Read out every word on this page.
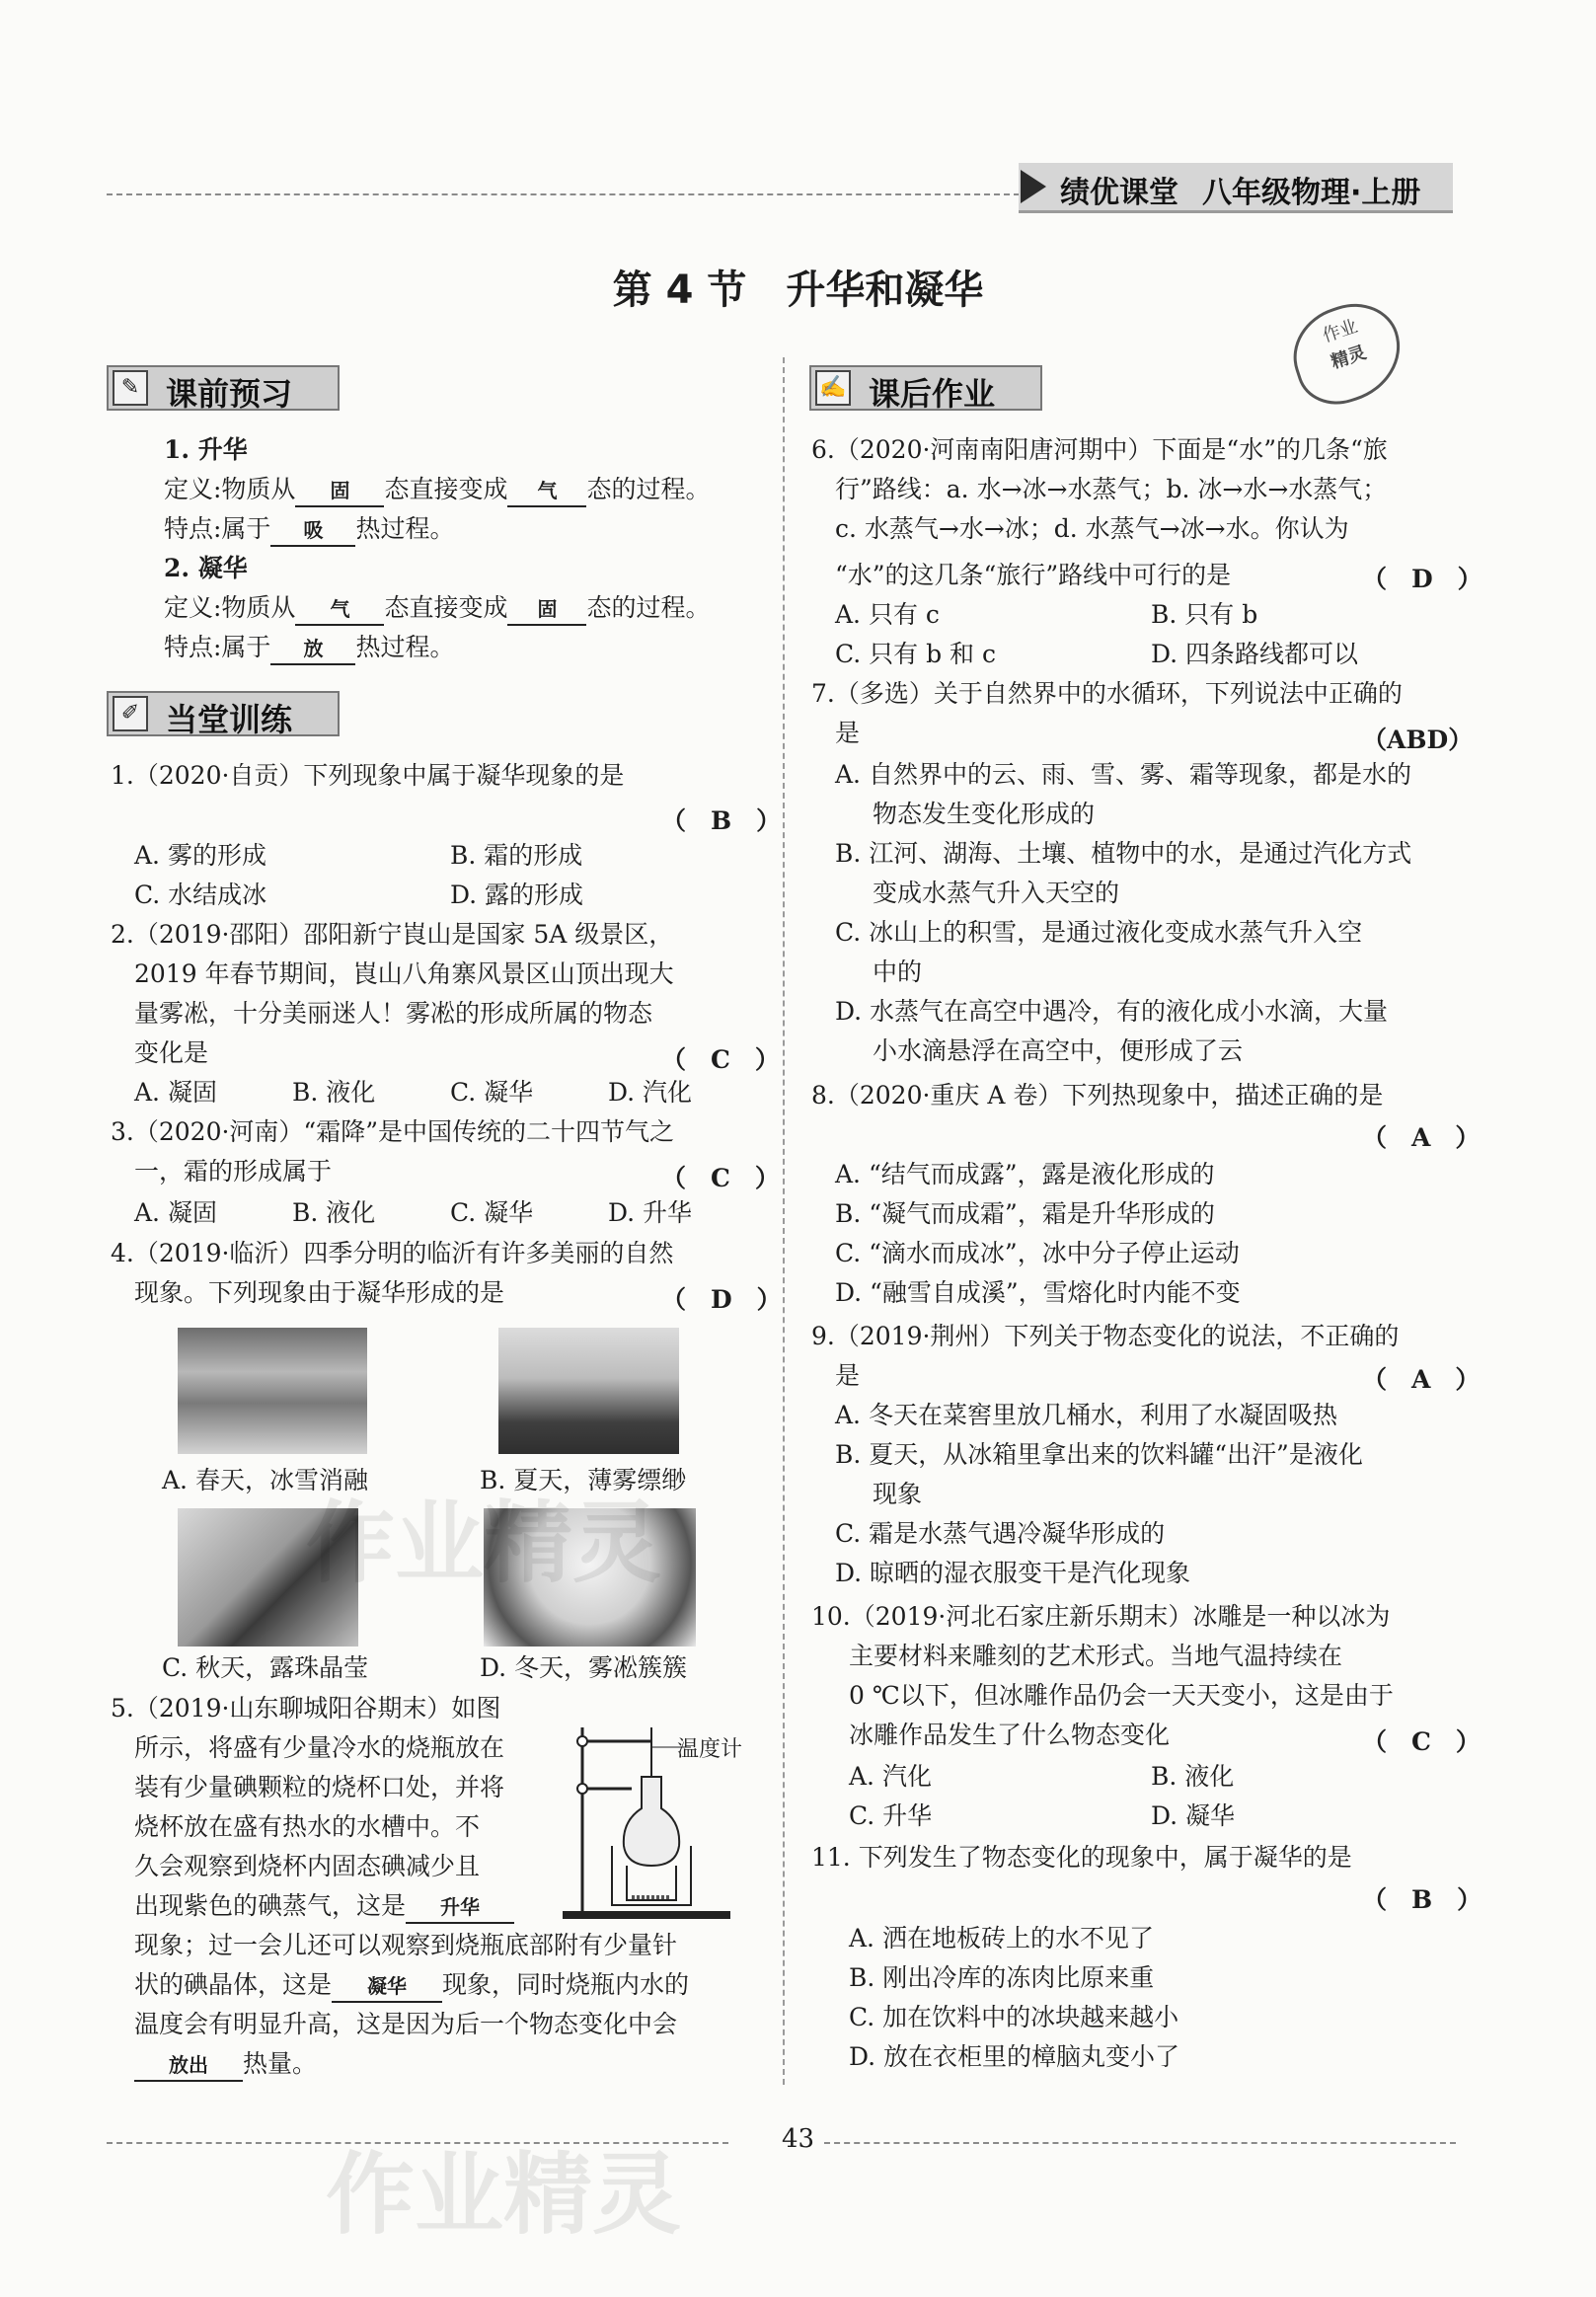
绩优课堂 八年级物理·上册
第 4 节　升华和凝华
作业
精灵
✎ 课前预习
1. 升华
定义:物质从 固 态直接变成 气 态的过程。
特点:属于 吸 热过程。
2. 凝华
定义:物质从 气 态直接变成 固 态的过程。
特点:属于 放 热过程。
✐ 当堂训练
1.（2020·自贡）下列现象中属于凝华现象的是
（　B　）
A. 雾的形成	B. 霜的形成
C. 水结成冰	D. 露的形成
2.（2019·邵阳）邵阳新宁崀山是国家 5A 级景区，
2019 年春节期间，崀山八角寨风景区山顶出现大
量雾凇，十分美丽迷人！雾凇的形成所属的物态
变化是	（　C　）
A. 凝固	B. 液化	C. 凝华	D. 汽化
3.（2020·河南）“霜降”是中国传统的二十四节气之
一，霜的形成属于	（　C　）
A. 凝固	B. 液化	C. 凝华	D. 升华
4.（2019·临沂）四季分明的临沂有许多美丽的自然
现象。下列现象由于凝华形成的是	（　D　）
A. 春天，冰雪消融	B. 夏天，薄雾缥缈
C. 秋天，露珠晶莹	D. 冬天，雾凇簇簇
5.（2019·山东聊城阳谷期末）如图
所示，将盛有少量冷水的烧瓶放在
装有少量碘颗粒的烧杯口处，并将
烧杯放在盛有热水的水槽中。不
久会观察到烧杯内固态碘减少且
出现紫色的碘蒸气，这是 升华
现象；过一会儿还可以观察到烧瓶底部附有少量针
状的碘晶体，这是 凝华 现象，同时烧瓶内水的
温度会有明显升高，这是因为后一个物态变化中会
放出 热量。
温度计
✍ 课后作业
6.（2020·河南南阳唐河期中）下面是“水”的几条“旅
行”路线：a. 水→冰→水蒸气；b. 冰→水→水蒸气；
c. 水蒸气→水→冰；d. 水蒸气→冰→水。你认为
“水”的这几条“旅行”路线中可行的是	（　D　）
A. 只有 c	B. 只有 b
C. 只有 b 和 c	D. 四条路线都可以
7.（多选）关于自然界中的水循环，下列说法中正确的
是	（ABD）
A. 自然界中的云、雨、雪、雾、霜等现象，都是水的
物态发生变化形成的
B. 江河、湖海、土壤、植物中的水，是通过汽化方式
变成水蒸气升入天空的
C. 冰山上的积雪，是通过液化变成水蒸气升入空
中的
D. 水蒸气在高空中遇冷，有的液化成小水滴，大量
小水滴悬浮在高空中，便形成了云
8.（2020·重庆 A 卷）下列热现象中，描述正确的是
（　A　）
A. “结气而成露”，露是液化形成的
B. “凝气而成霜”，霜是升华形成的
C. “滴水而成冰”，冰中分子停止运动
D. “融雪自成溪”，雪熔化时内能不变
9.（2019·荆州）下列关于物态变化的说法，不正确的
是	（　A　）
A. 冬天在菜窖里放几桶水，利用了水凝固吸热
B. 夏天，从冰箱里拿出来的饮料罐“出汗”是液化
现象
C. 霜是水蒸气遇冷凝华形成的
D. 晾晒的湿衣服变干是汽化现象
10.（2019·河北石家庄新乐期末）冰雕是一种以冰为
主要材料来雕刻的艺术形式。当地气温持续在
0 ℃以下，但冰雕作品仍会一天天变小，这是由于
冰雕作品发生了什么物态变化	（　C　）
A. 汽化	B. 液化
C. 升华	D. 凝华
11. 下列发生了物态变化的现象中，属于凝华的是
（　B　）
A. 洒在地板砖上的水不见了
B. 刚出冷库的冻肉比原来重
C. 加在饮料中的冰块越来越小
D. 放在衣柜里的樟脑丸变小了
43
作业精灵
作业精灵
